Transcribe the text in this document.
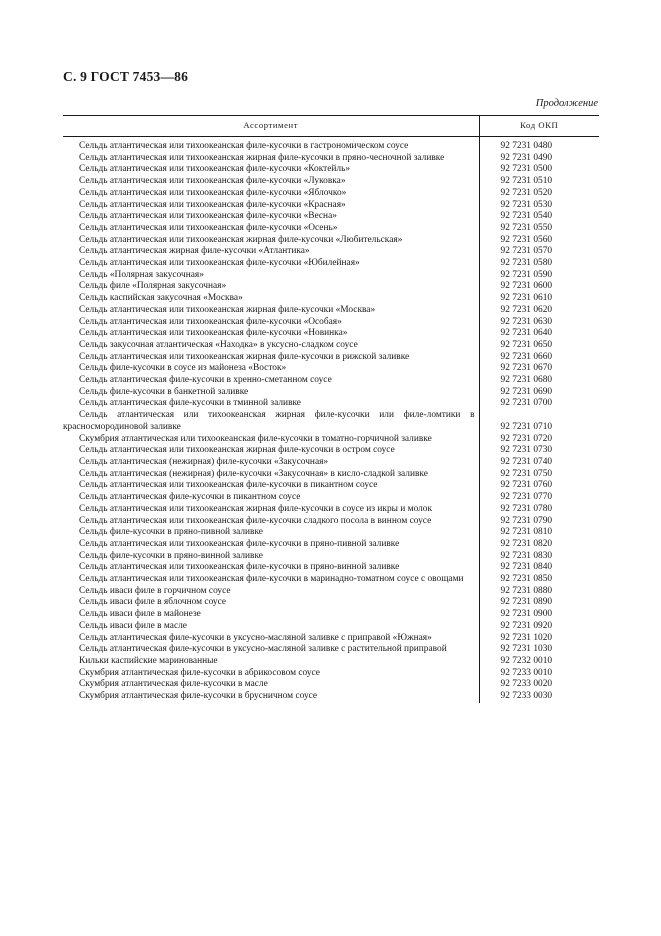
С. 9 ГОСТ 7453—86
Продолжение
Ассортимент	Код ОКП
Сельдь атлантическая или тихоокеанская филе-кусочки в гастрономическом соусе	92 7231 0480
Сельдь атлантическая или тихоокеанская жирная филе-кусочки в пряно-чесночной заливке	92 7231 0490
Сельдь атлантическая или тихоокеанская филе-кусочки «Коктейль»	92 7231 0500
Сельдь атлантическая или тихоокеанская филе-кусочки «Луковка»	92 7231 0510
Сельдь атлантическая или тихоокеанская филе-кусочки «Яблочко»	92 7231 0520
Сельдь атлантическая или тихоокеанская филе-кусочки «Красная»	92 7231 0530
Сельдь атлантическая или тихоокеанская филе-кусочки «Весна»	92 7231 0540
Сельдь атлантическая или тихоокеанская филе-кусочки «Осень»	92 7231 0550
Сельдь атлантическая или тихоокеанская жирная филе-кусочки «Любительская»	92 7231 0560
Сельдь атлантическая жирная филе-кусочки «Атлантика»	92 7231 0570
Сельдь атлантическая или тихоокеанская филе-кусочки «Юбилейная»	92 7231 0580
Сельдь «Полярная закусочная»	92 7231 0590
Сельдь филе «Полярная закусочная»	92 7231 0600
Сельдь каспийская закусочная «Москва»	92 7231 0610
Сельдь атлантическая или тихоокеанская жирная филе-кусочки «Москва»	92 7231 0620
Сельдь атлантическая или тихоокеанская филе-кусочки «Особая»	92 7231 0630
Сельдь атлантическая или тихоокеанская филе-кусочки «Новинка»	92 7231 0640
Сельдь закусочная атлантическая «Находка» в уксусно-сладком соусе	92 7231 0650
Сельдь атлантическая или тихоокеанская жирная филе-кусочки в рижской заливке	92 7231 0660
Сельдь филе-кусочки в соусе из майонеза «Восток»	92 7231 0670
Сельдь атлантическая филе-кусочки в хренно-сметанном соусе	92 7231 0680
Сельдь филе-кусочки в банкетной заливке	92 7231 0690
Сельдь атлантическая филе-кусочки в тминной заливке	92 7231 0700
Сельдь атлантическая или тихоокеанская жирная филе-кусочки или филе-ломтики в красносмородиновой заливке	92 7231 0710
Скумбрия атлантическая или тихоокеанская филе-кусочки в томатно-горчичной заливке	92 7231 0720
Сельдь атлантическая или тихоокеанская жирная филе-кусочки в остром соусе	92 7231 0730
Сельдь атлантическая (нежирная) филе-кусочки «Закусочная»	92 7231 0740
Сельдь атлантическая (нежирная) филе-кусочки «Закусочная» в кисло-сладкой заливке	92 7231 0750
Сельдь атлантическая или тихоокеанская филе-кусочки в пикантном соусе	92 7231 0760
Сельдь атлантическая филе-кусочки в пикантном соусе	92 7231 0770
Сельдь атлантическая или тихоокеанская жирная филе-кусочки в соусе из икры и молок	92 7231 0780
Сельдь атлантическая или тихоокеанская филе-кусочки сладкого посола в винном соусе	92 7231 0790
Сельдь филе-кусочки в пряно-пивной заливке	92 7231 0810
Сельдь атлантическая или тихоокеанская филе-кусочки в пряно-пивной заливке	92 7231 0820
Сельдь филе-кусочки в пряно-винной заливке	92 7231 0830
Сельдь атлантическая или тихоокеанская филе-кусочки в пряно-винной заливке	92 7231 0840
Сельдь атлантическая или тихоокеанская филе-кусочки в маринадно-томатном соусе с овощами	92 7231 0850
Сельдь иваси филе в горчичном соусе	92 7231 0880
Сельдь иваси филе в яблочном соусе	92 7231 0890
Сельдь иваси филе в майонезе	92 7231 0900
Сельдь иваси филе в масле	92 7231 0920
Сельдь атлантическая филе-кусочки в уксусно-масляной заливке с приправой «Южная»	92 7231 1020
Сельдь атлантическая филе-кусочки в уксусно-масляной заливке с растительной приправой	92 7231 1030
Кильки каспийские маринованные	92 7232 0010
Скумбрия атлантическая филе-кусочки в абрикосовом соусе	92 7233 0010
Скумбрия атлантическая филе-кусочки в масле	92 7233 0020
Скумбрия атлантическая филе-кусочки в брусничном соусе	92 7233 0030
